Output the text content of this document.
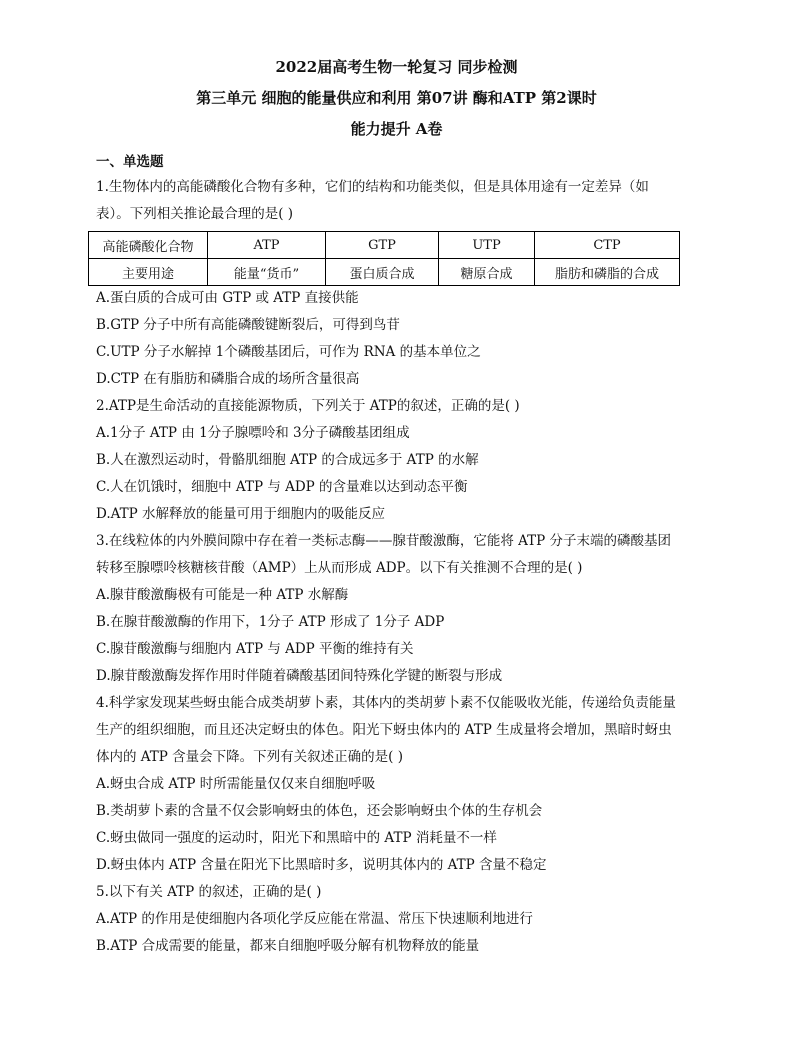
2022届高考生物一轮复习 同步检测
第三单元 细胞的能量供应和利用 第07讲 酶和ATP 第2课时
能力提升 A卷
一、单选题
1.生物体内的高能磷酸化合物有多种，它们的结构和功能类似，但是具体用途有一定差异（如
表）。下列相关推论最合理的是( )
高能磷酸化合物	ATP	GTP	UTP	CTP
主要用途	能量“货币”	蛋白质合成	糖原合成	脂肪和磷脂的合成
A.蛋白质的合成可由 GTP 或 ATP 直接供能
B.GTP 分子中所有高能磷酸键断裂后，可得到鸟苷
C.UTP 分子水解掉 1个磷酸基团后，可作为 RNA 的基本单位之
D.CTP 在有脂肪和磷脂合成的场所含量很高
2.ATP是生命活动的直接能源物质，下列关于 ATP的叙述，正确的是( )
A.1分子 ATP 由 1分子腺嘌呤和 3分子磷酸基团组成
B.人在激烈运动时，骨骼肌细胞 ATP 的合成远多于 ATP 的水解
C.人在饥饿时，细胞中 ATP 与 ADP 的含量难以达到动态平衡
D.ATP 水解释放的能量可用于细胞内的吸能反应
3.在线粒体的内外膜间隙中存在着一类标志酶——腺苷酸激酶，它能将 ATP 分子末端的磷酸基团
转移至腺嘌呤核糖核苷酸（AMP）上从而形成 ADP。以下有关推测不合理的是( )
A.腺苷酸激酶极有可能是一种 ATP 水解酶
B.在腺苷酸激酶的作用下，1分子 ATP 形成了 1分子 ADP
C.腺苷酸激酶与细胞内 ATP 与 ADP 平衡的维持有关
D.腺苷酸激酶发挥作用时伴随着磷酸基团间特殊化学键的断裂与形成
4.科学家发现某些蚜虫能合成类胡萝卜素，其体内的类胡萝卜素不仅能吸收光能，传递给负责能量
生产的组织细胞，而且还决定蚜虫的体色。阳光下蚜虫体内的 ATP 生成量将会增加，黑暗时蚜虫
体内的 ATP 含量会下降。下列有关叙述正确的是( )
A.蚜虫合成 ATP 时所需能量仅仅来自细胞呼吸
B.类胡萝卜素的含量不仅会影响蚜虫的体色，还会影响蚜虫个体的生存机会
C.蚜虫做同一强度的运动时，阳光下和黑暗中的 ATP 消耗量不一样
D.蚜虫体内 ATP 含量在阳光下比黑暗时多，说明其体内的 ATP 含量不稳定
5.以下有关 ATP 的叙述，正确的是( )
A.ATP 的作用是使细胞内各项化学反应能在常温、常压下快速顺利地进行
B.ATP 合成需要的能量，都来自细胞呼吸分解有机物释放的能量
